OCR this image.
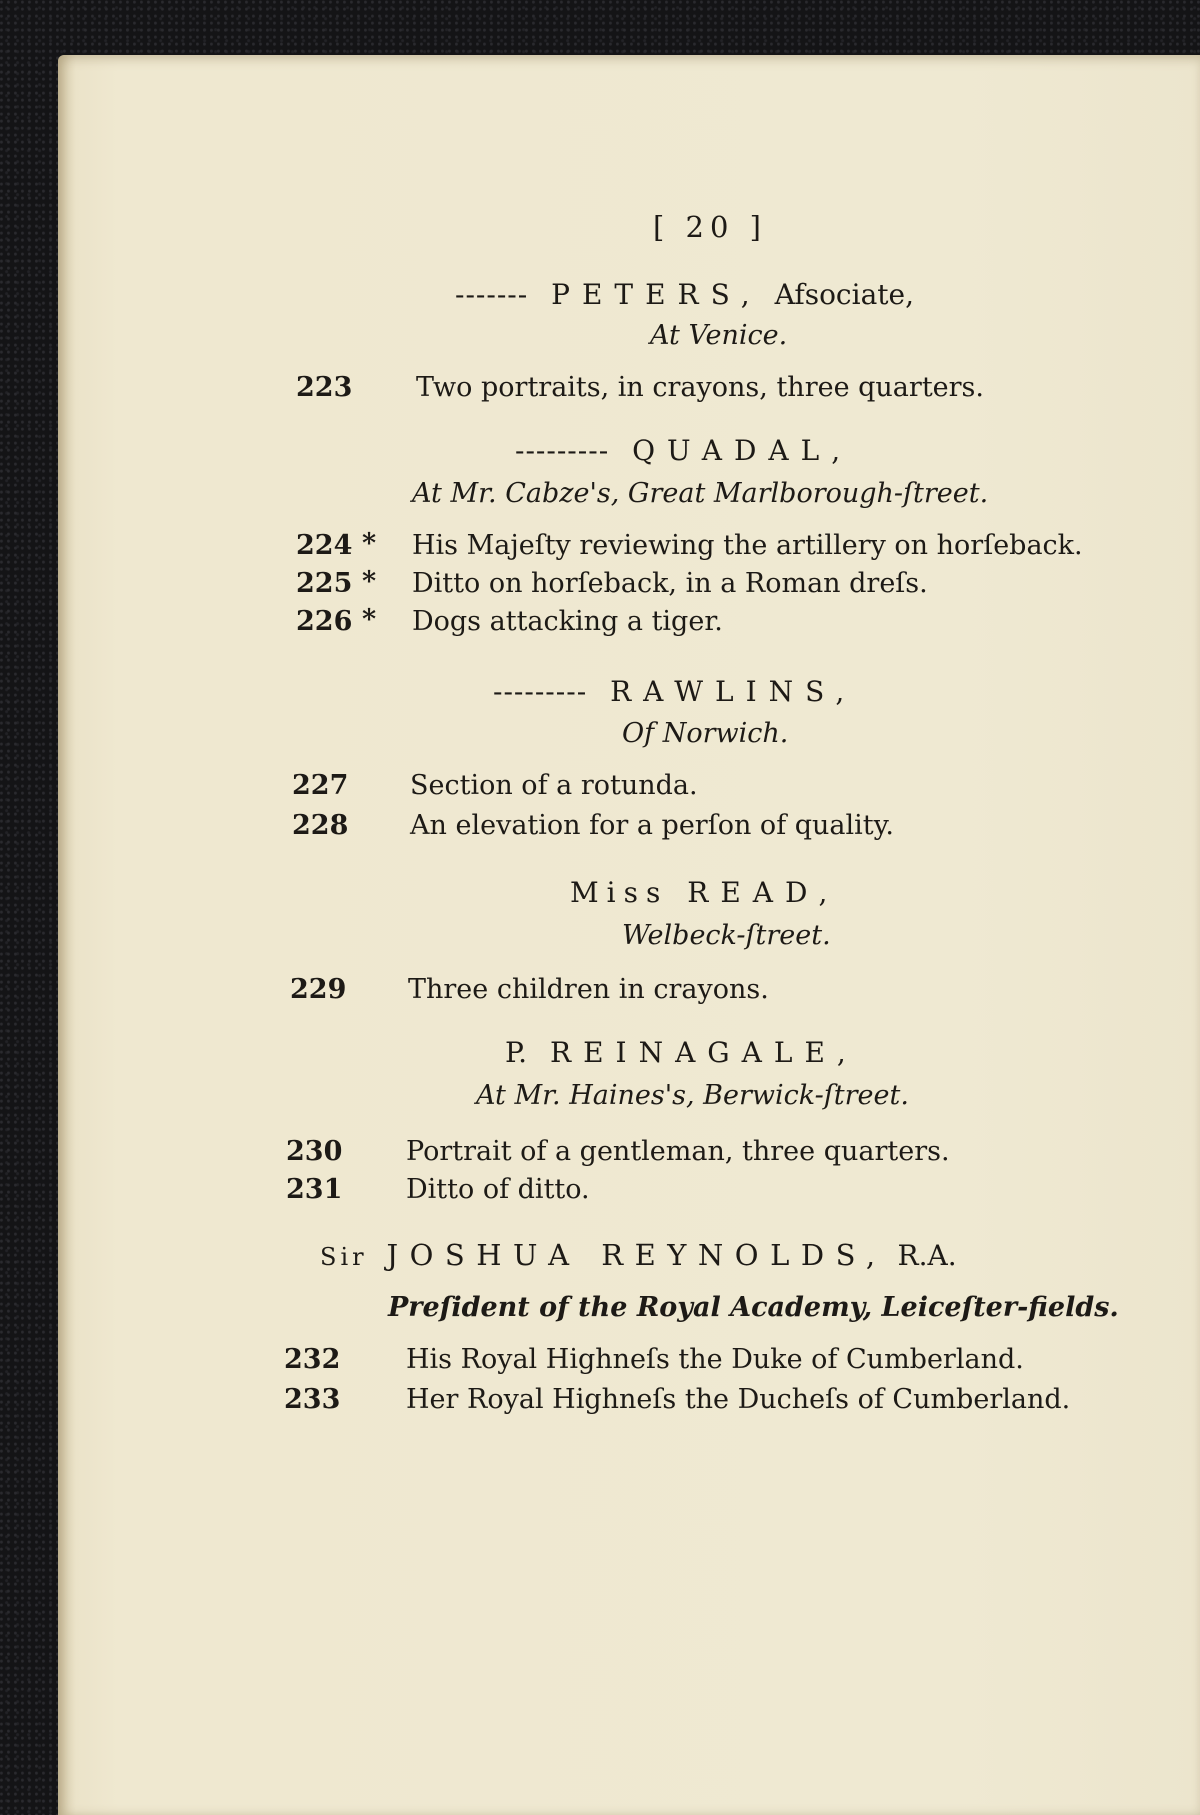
[ 20 ]
------- PETERS, Afsociate,
At Venice.
223 Two portraits, in crayons, three quarters.
--------- QUADAL,
At Mr. Cabze's, Great Marlborough-ſtreet.
224 * His Majeſty reviewing the artillery on horſeback.
225 * Ditto on horſeback, in a Roman dreſs.
226 * Dogs attacking a tiger.
--------- RAWLINS,
Of Norwich.
227 Section of a rotunda.
228 An elevation for a perſon of quality.
Miss READ,
Welbeck-ſtreet.
229 Three children in crayons.
P. REINAGALE,
At Mr. Haines's, Berwick-ſtreet.
230 Portrait of a gentleman, three quarters.
231 Ditto of ditto.
Sir JOSHUA REYNOLDS, R.A.
Preſident of the Royal Academy, Leiceſter-fields.
232 His Royal Highneſs the Duke of Cumberland.
233 Her Royal Highneſs the Ducheſs of Cumberland.
